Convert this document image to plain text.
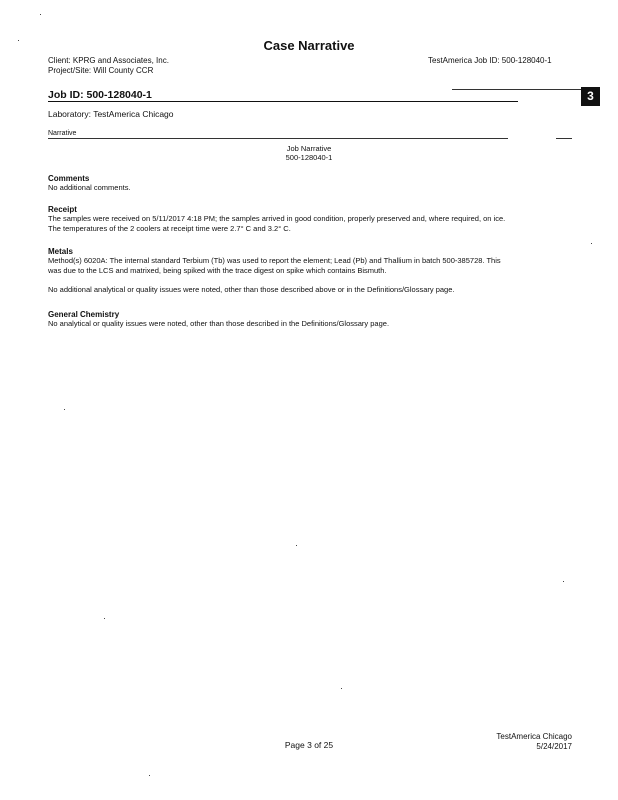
Case Narrative
Client: KPRG and Associates, Inc.
Project/Site: Will County CCR
TestAmerica Job ID: 500-128040-1
Job ID: 500-128040-1	3
Laboratory: TestAmerica Chicago
Narrative
Job Narrative
500-128040-1
Comments
No additional comments.
Receipt
The samples were received on 5/11/2017 4:18 PM; the samples arrived in good condition, properly preserved and, where required, on ice.
The temperatures of the 2 coolers at receipt time were 2.7° C and 3.2° C.
Metals
Method(s) 6020A: The internal standard Terbium (Tb) was used to report the element; Lead (Pb) and Thallium in batch 500-385728. This
was due to the LCS and matrixed, being spiked with the trace digest on spike which contains Bismuth.
No additional analytical or quality issues were noted, other than those described above or in the Definitions/Glossary page.
General Chemistry
No analytical or quality issues were noted, other than those described in the Definitions/Glossary page.
Page 3 of 25
TestAmerica Chicago
5/24/2017
